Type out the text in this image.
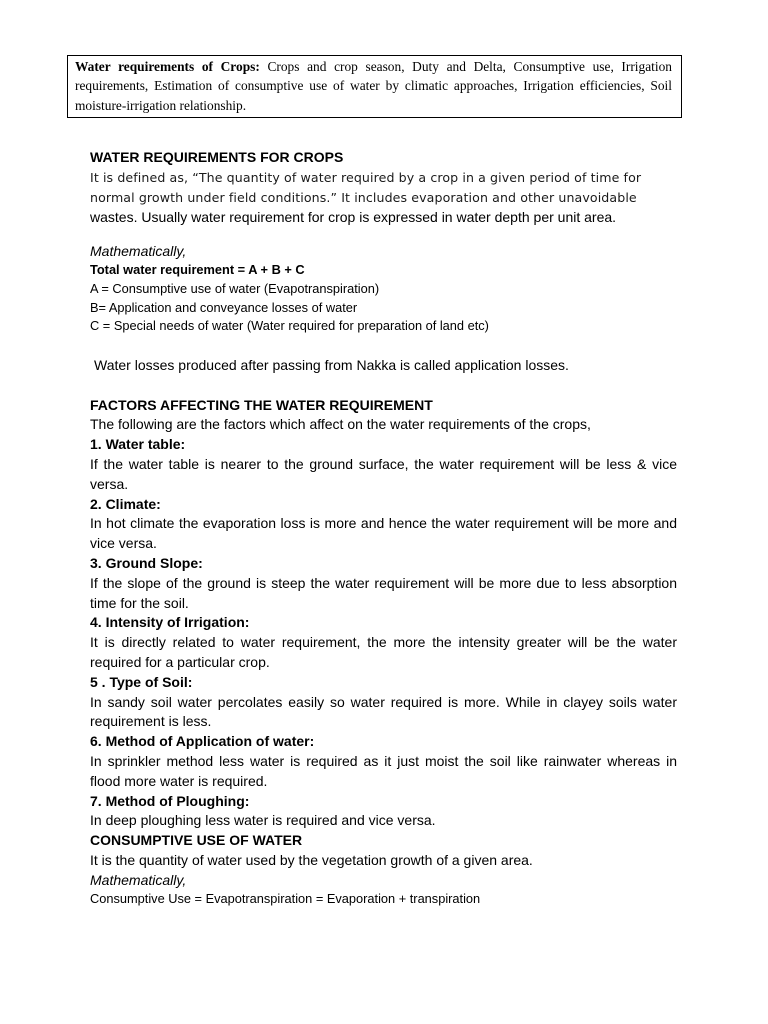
Water requirements of Crops: Crops and crop season, Duty and Delta, Consumptive use, Irrigation requirements, Estimation of consumptive use of water by climatic approaches, Irrigation efficiencies, Soil moisture-irrigation relationship.

WATER REQUIREMENTS FOR CROPS

It is defined as, “The quantity of water required by a crop in a given period of time for normal growth under field conditions.” It includes evaporation and other unavoidable

wastes. Usually water requirement for crop is expressed in water depth per unit area.

Mathematically,

Total water requirement = A + B + C

A = Consumptive use of water (Evapotranspiration)

B= Application and conveyance losses of water

C = Special needs of water (Water required for preparation of land etc)

Water losses produced after passing from Nakka is called application losses.

FACTORS AFFECTING THE WATER REQUIREMENT

The following are the factors which affect on the water requirements of the crops,

1. Water table:

If the water table is nearer to the ground surface, the water requirement will be less & vice versa.

2. Climate:

In hot climate the evaporation loss is more and hence the water requirement will be more and vice versa.

3. Ground Slope:

If the slope of the ground is steep the water requirement will be more due to less absorption time for the soil.

4. Intensity of Irrigation:

It is directly related to water requirement, the more the intensity greater will be the water required for a particular crop.

5 . Type of Soil:

In sandy soil water percolates easily so water required is more. While in clayey soils water requirement is less.

6. Method of Application of water:

In sprinkler method less water is required as it just moist the soil like rainwater whereas in flood more water is required.

7. Method of Ploughing:

In deep ploughing less water is required and vice versa.

CONSUMPTIVE USE OF WATER

It is the quantity of water used by the vegetation growth of a given area.

Mathematically,

Consumptive Use = Evapotranspiration = Evaporation + transpiration
